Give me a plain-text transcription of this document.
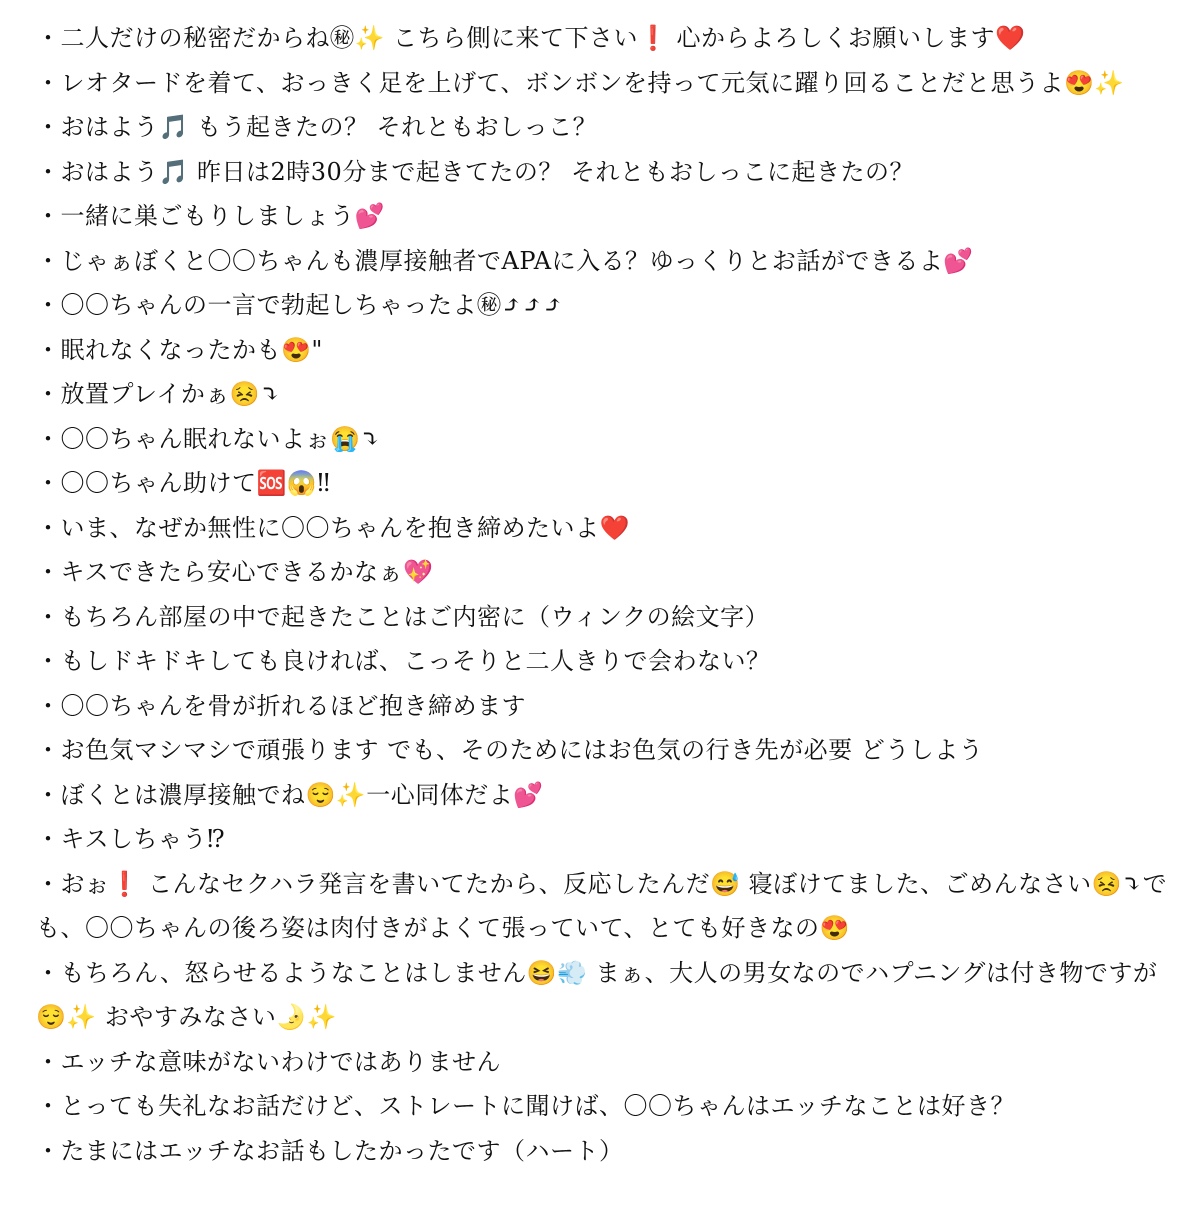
・二人だけの秘密だからね㊙✨ こちら側に来て下さい❗ 心からよろしくお願いします❤️
・レオタードを着て、おっきく足を上げて、ボンボンを持って元気に躍り回ることだと思うよ😍✨
・おはよう🎵 もう起きたの？ それともおしっこ？
・おはよう🎵 昨日は2時30分まで起きてたの？ それともおしっこに起きたの？
・一緒に巣ごもりしましょう💕
・じゃぁぼくと〇〇ちゃんも濃厚接触者でAPAに入る？ゆっくりとお話ができるよ💕
・〇〇ちゃんの一言で勃起しちゃったよ㊙⤴⤴⤴
・眠れなくなったかも😍"
・放置プレイかぁ😣⤵
・〇〇ちゃん眠れないよぉ😭⤵
・〇〇ちゃん助けて🆘😱‼
・いま、なぜか無性に〇〇ちゃんを抱き締めたいよ❤️
・キスできたら安心できるかなぁ💖
・もちろん部屋の中で起きたことはご内密に（ウィンクの絵文字）
・もしドキドキしても良ければ、こっそりと二人きりで会わない？
・〇〇ちゃんを骨が折れるほど抱き締めます
・お色気マシマシで頑張ります でも、そのためにはお色気の行き先が必要 どうしよう
・ぼくとは濃厚接触でね😌✨一心同体だよ💕
・キスしちゃう⁉
・おぉ❗ こんなセクハラ発言を書いてたから、反応したんだ😅 寝ぼけてました、ごめんなさい😣⤵でも、〇〇ちゃんの後ろ姿は肉付きがよくて張っていて、とても好きなの😍
・もちろん、怒らせるようなことはしません😆💨 まぁ、大人の男女なのでハプニングは付き物ですが😌✨ おやすみなさい🌛✨
・エッチな意味がないわけではありません
・とっても失礼なお話だけど、ストレートに聞けば、〇〇ちゃんはエッチなことは好き？
・たまにはエッチなお話もしたかったです（ハート）
